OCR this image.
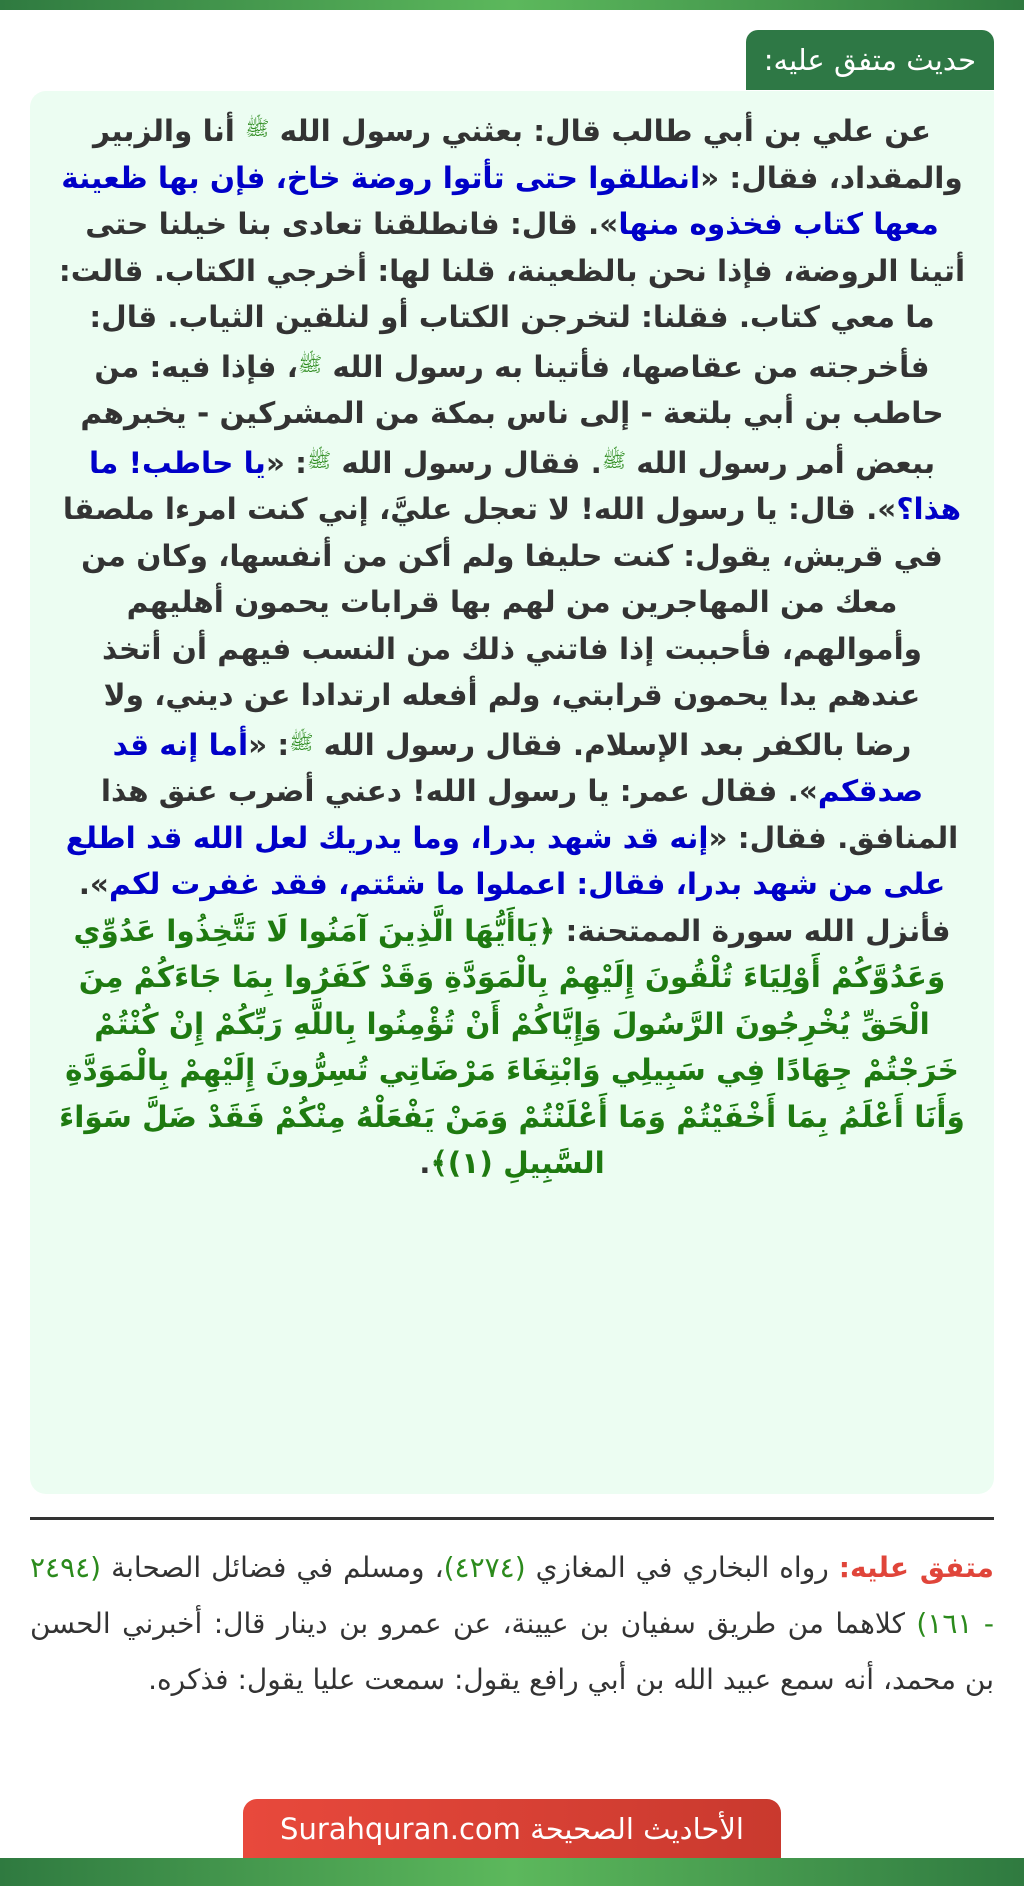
حديث متفق عليه:

عن علي بن أبي طالب قال: بعثني رسول الله $^ﷺ$ أنا والزبير والمقداد، فقال: «انطلقوا حتى تأتوا روضة خاخ، فإن بها ظعينة معها كتاب فخذوه منها». قال: فانطلقنا تعادى بنا خيلنا حتى أتينا الروضة، فإذا نحن بالظعينة، قلنا لها: أخرجي الكتاب. قالت: ما معي كتاب. فقلنا: لتخرجن الكتاب أو لنلقين الثياب. قال: فأخرجته من عقاصها، فأتينا به رسول الله $^ﷺ$، فإذا فيه: من حاطب بن أبي بلتعة - إلى ناس بمكة من المشركين - يخبرهم ببعض أمر رسول الله $^ﷺ$. فقال رسول الله $^ﷺ$: «يا حاطب! ما هذا؟». قال: يا رسول الله! لا تعجل عليَّ، إني كنت امرءا ملصقا في قريش، يقول: كنت حليفا ولم أكن من أنفسها، وكان من معك من المهاجرين من لهم بها قرابات يحمون أهليهم وأموالهم، فأحببت إذا فاتني ذلك من النسب فيهم أن أتخذ عندهم يدا يحمون قرابتي، ولم أفعله ارتدادا عن ديني، ولا
رضا بالكفر بعد الإسلام. فقال رسول الله $^ﷺ$: «أما إنه قد صدقكم». فقال عمر: يا رسول الله! دعني أضرب عنق هذا المنافق. فقال: «إنه قد شهد بدرا، وما يدريك لعل الله قد اطلع على من شهد بدرا، فقال: اعملوا ما شئتم، فقد غفرت لكم». فأنزل الله سورة الممتحنة: ﴿يَاأَيُّهَا الَّذِينَ آمَنُوا لَا تَتَّخِذُوا عَدُوِّي وَعَدُوَّكُمْ أَوْلِيَاءَ تُلْقُونَ إِلَيْهِمْ بِالْمَوَدَّةِ وَقَدْ كَفَرُوا بِمَا جَاءَكُمْ مِنَ الْحَقِّ يُخْرِجُونَ الرَّسُولَ وَإِيَّاكُمْ أَنْ تُؤْمِنُوا بِاللَّهِ رَبِّكُمْ إِنْ كُنْتُمْ خَرَجْتُمْ جِهَادًا فِي سَبِيلِي وَابْتِغَاءَ مَرْضَاتِي تُسِرُّونَ إِلَيْهِمْ بِالْمَوَدَّةِ وَأَنَا أَعْلَمُ بِمَا أَخْفَيْتُمْ وَمَا أَعْلَنْتُمْ وَمَنْ يَفْعَلْهُ مِنْكُمْ فَقَدْ ضَلَّ سَوَاءَ السَّبِيلِ (١)﴾.

متفق عليه: رواه البخاري في المغازي (٤٢٧٤)، ومسلم في فضائل الصحابة (٢٤٩٤ - ١٦١) كلاهما من طريق سفيان بن عيينة، عن عمرو بن دينار قال: أخبرني الحسن بن محمد، أنه سمع عبيد الله بن أبي رافع يقول: سمعت عليا يقول: فذكره.

الأحاديث الصحيحة Surahquran.com
